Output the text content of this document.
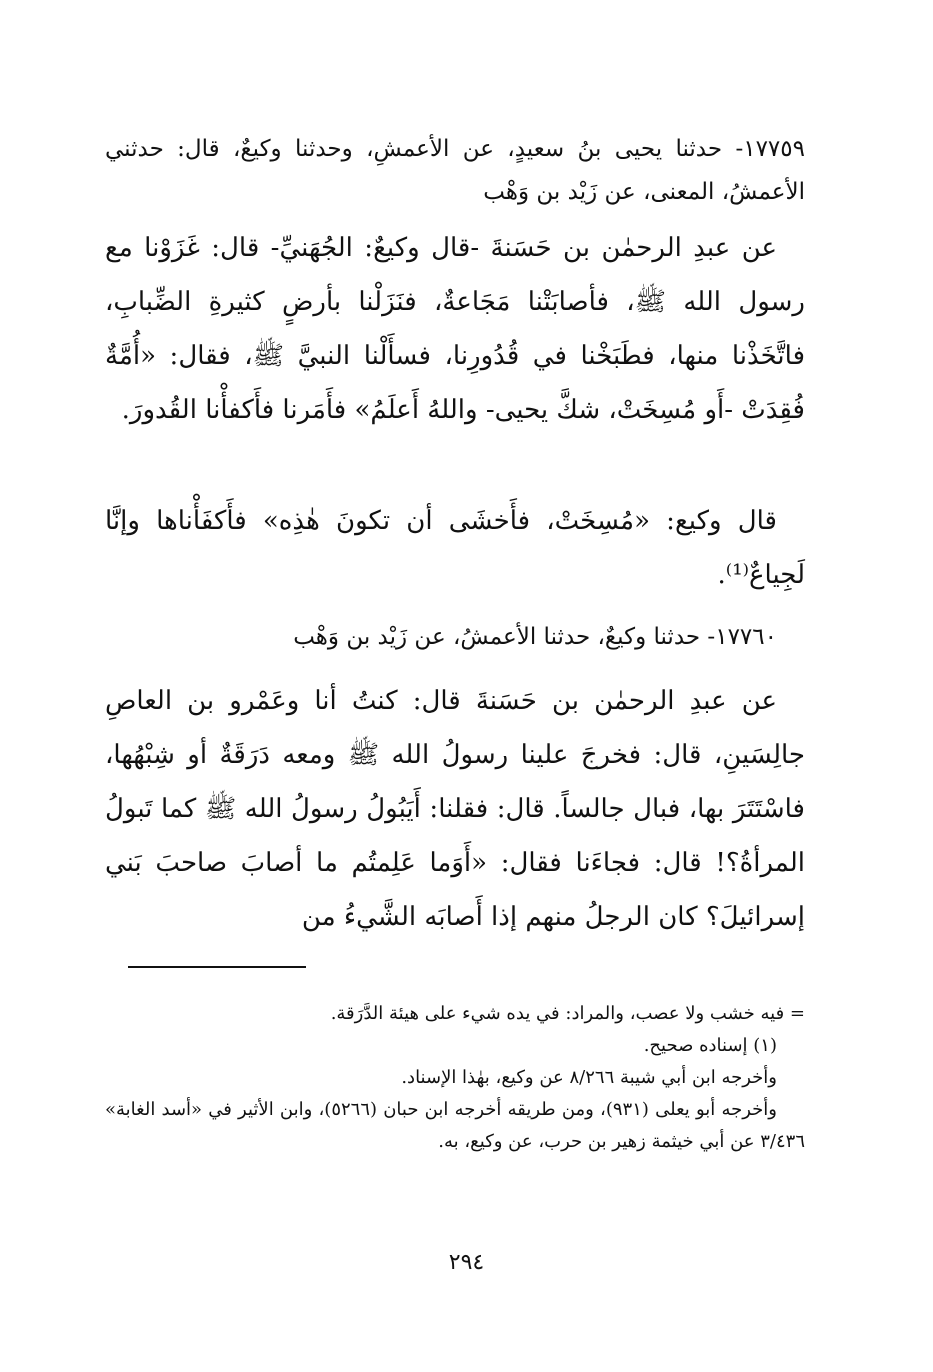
١٧٧٥٩- حدثنا يحيى بنُ سعيدٍ، عن الأعمشِ، وحدثنا وكيعٌ، قال: حدثني الأعمشُ، المعنى، عن زَيْد بن وَهْب

عن عبدِ الرحمٰن بن حَسَنةَ -قال وكيعٌ: الجُهَنيِّ- قال: غَزَوْنا مع رسول الله ﷺ، فأصابَتْنا مَجَاعةٌ، فنَزَلْنا بأرضٍ كثيرةِ الضِّبابِ، فاتَّخَذْنا منها، فطَبَخْنا في قُدُورِنا، فسأَلْنا النبيَّ ﷺ، فقال: «أُمَّةٌ فُقِدَتْ -أَو مُسِخَتْ، شكَّ يحيى- واللهُ أَعلَمُ» فأَمَرنا فأَكفأْنا القُدورَ.

قال وكيع: «مُسِخَتْ، فأَخشَى أن تكونَ هٰذِه» فأَكفَأْناها وإنَّا لَجِياعٌ⁽¹⁾.

١٧٧٦٠- حدثنا وكيعٌ، حدثنا الأعمشُ، عن زَيْد بن وَهْب

عن عبدِ الرحمٰن بن حَسَنةَ قال: كنتُ أنا وعَمْرو بن العاصِ جالِسَينِ، قال: فخرجَ علينا رسولُ الله ﷺ ومعه دَرَقَةٌ أو شِبْهُها، فاسْتَتَرَ بها، فبال جالساً. قال: فقلنا: أَيَبُولُ رسولُ الله ﷺ كما تَبولُ المرأةُ؟! قال: فجاءَنا فقال: «أَوَما عَلِمتُم ما أصابَ صاحبَ بَني إسرائيلَ؟ كان الرجلُ منهم إذا أَصابَه الشَّيءُ من

= فيه خشب ولا عصب، والمراد: في يده شيء على هيئة الدَّرَقة.

(١) إسناده صحيح.

وأخرجه ابن أبي شيبة ٨/٢٦٦ عن وكيع، بهٰذا الإسناد.

وأخرجه أبو يعلى (٩٣١)، ومن طريقه أخرجه ابن حبان (٥٢٦٦)، وابن الأثير في «أسد الغابة» ٣/٤٣٦ عن أبي خيثمة زهير بن حرب، عن وكيع، به.

٢٩٤
